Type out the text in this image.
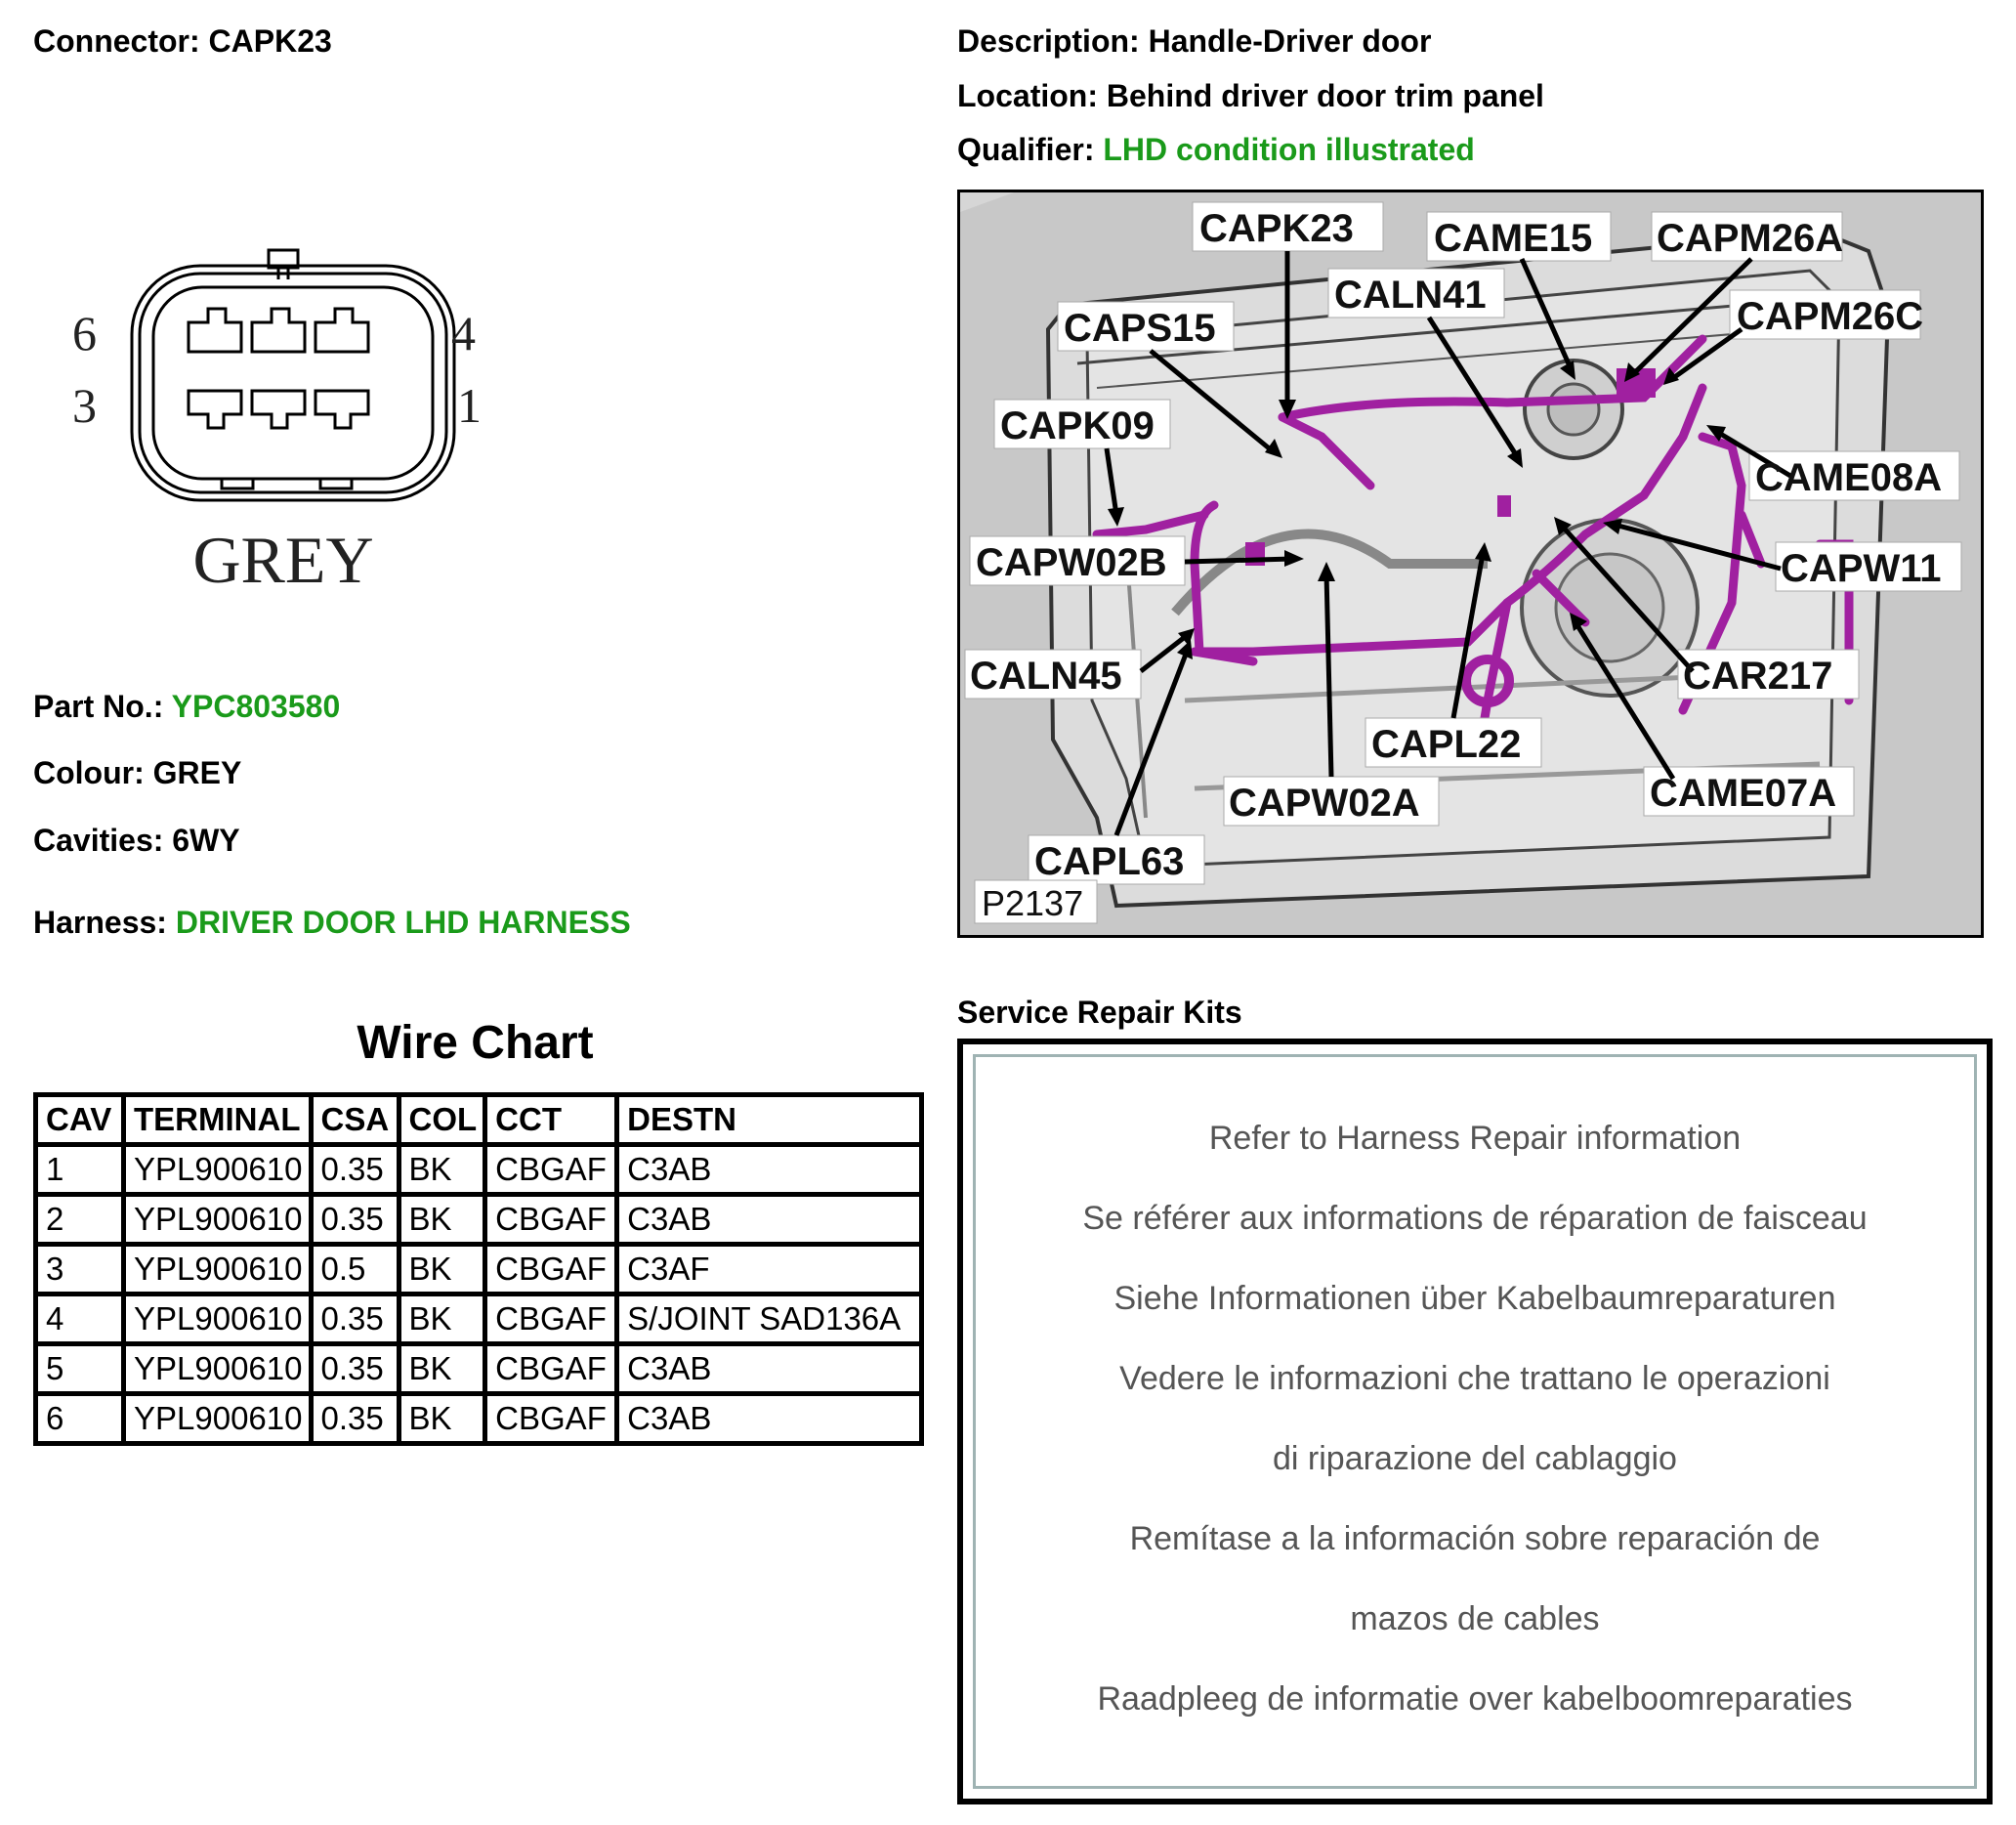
Connector: CAPK23	Description: Handle-Driver door
Location: Behind driver door trim panel
Qualifier: LHD condition illustrated
6	4
3	1
GREY
Part No.: YPC803580
Colour: GREY
Cavities: 6WY
Harness: DRIVER DOOR LHD HARNESS
Wire Chart
CAV	TERMINAL	CSA	COL	CCT	DESTN
1	YPL900610	0.35	BK	CBGAF	C3AB
2	YPL900610	0.35	BK	CBGAF	C3AB
3	YPL900610	0.5	BK	CBGAF	C3AF
4	YPL900610	0.35	BK	CBGAF	S/JOINT SAD136A
5	YPL900610	0.35	BK	CBGAF	C3AB
6	YPL900610	0.35	BK	CBGAF	C3AB
CAPK23 CAME15 CAPM26A
CALN41	CAPM26C
CAPS15
CAPK09
CAME08A
CAPW02B	CAPW11
CALN45	CAR217
CAPL22
CAPW02A	CAME07A
CAPL63
P2137
Service Repair Kits
Refer to Harness Repair information
Se référer aux informations de réparation de faisceau
Siehe Informationen über Kabelbaumreparaturen
Vedere le informazioni che trattano le operazioni
di riparazione del cablaggio
Remítase a la información sobre reparación de
mazos de cables
Raadpleeg de informatie over kabelboomreparaties
